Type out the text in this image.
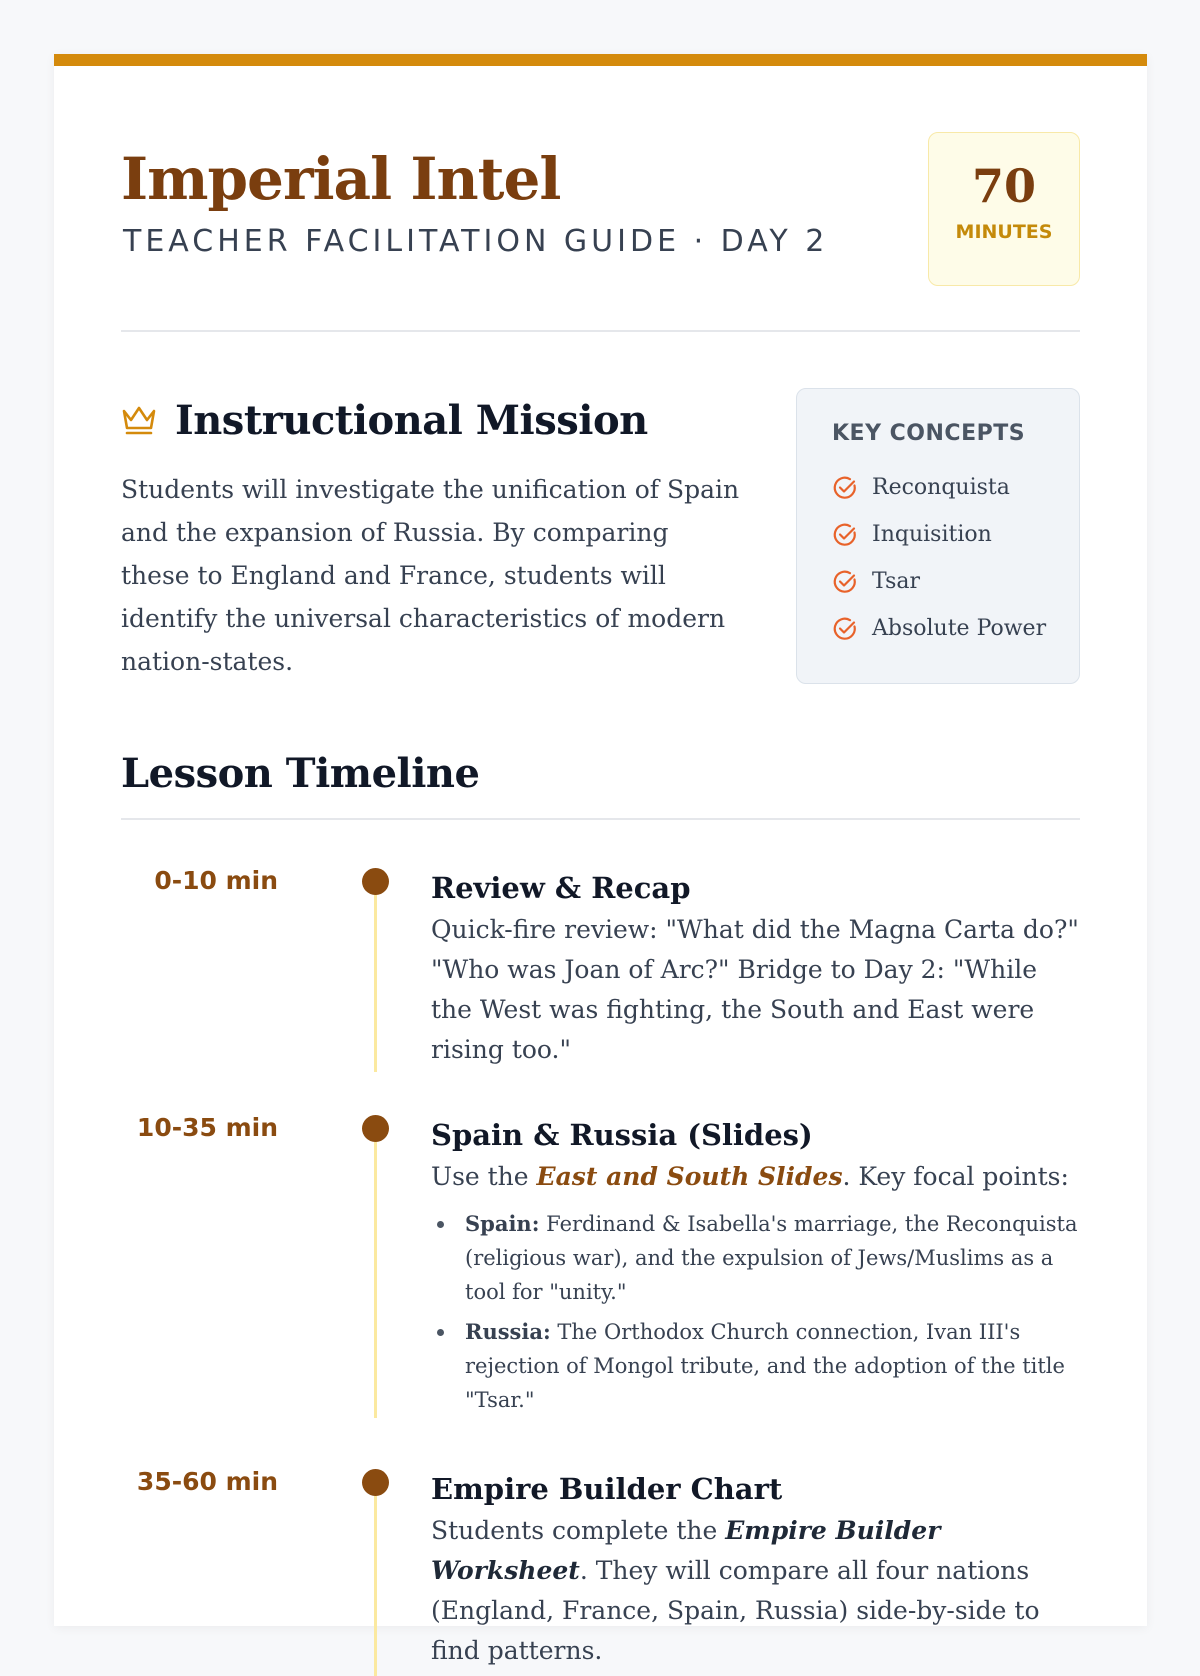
Imperial Intel
TEACHER FACILITATION GUIDE · DAY 2
70
MINUTES
Instructional Mission

Students will investigate the unification of Spain and the expansion of Russia. By comparing these to England and France, students will identify the universal characteristics of modern nation-states.

KEY CONCEPTS
Reconquista
Inquisition
Tsar
Absolute Power
Lesson Timeline
0-10 min	Review & Recap
Quick-fire review: "What did the Magna Carta do?" "Who was Joan of Arc?" Bridge to Day 2: "While the West was fighting, the South and East were rising too."
10-35 min	Spain & Russia (Slides)
Use the East and South Slides. Key focal points:
Spain: Ferdinand & Isabella's marriage, the Reconquista (religious war), and the expulsion of Jews/Muslims as a tool for "unity."
Russia: The Orthodox Church connection, Ivan III's rejection of Mongol tribute, and the adoption of the title "Tsar."
35-60 min	Empire Builder Chart
Students complete the Empire Builder Worksheet. They will compare all four nations (England, France, Spain, Russia) side-by-side to find patterns.
